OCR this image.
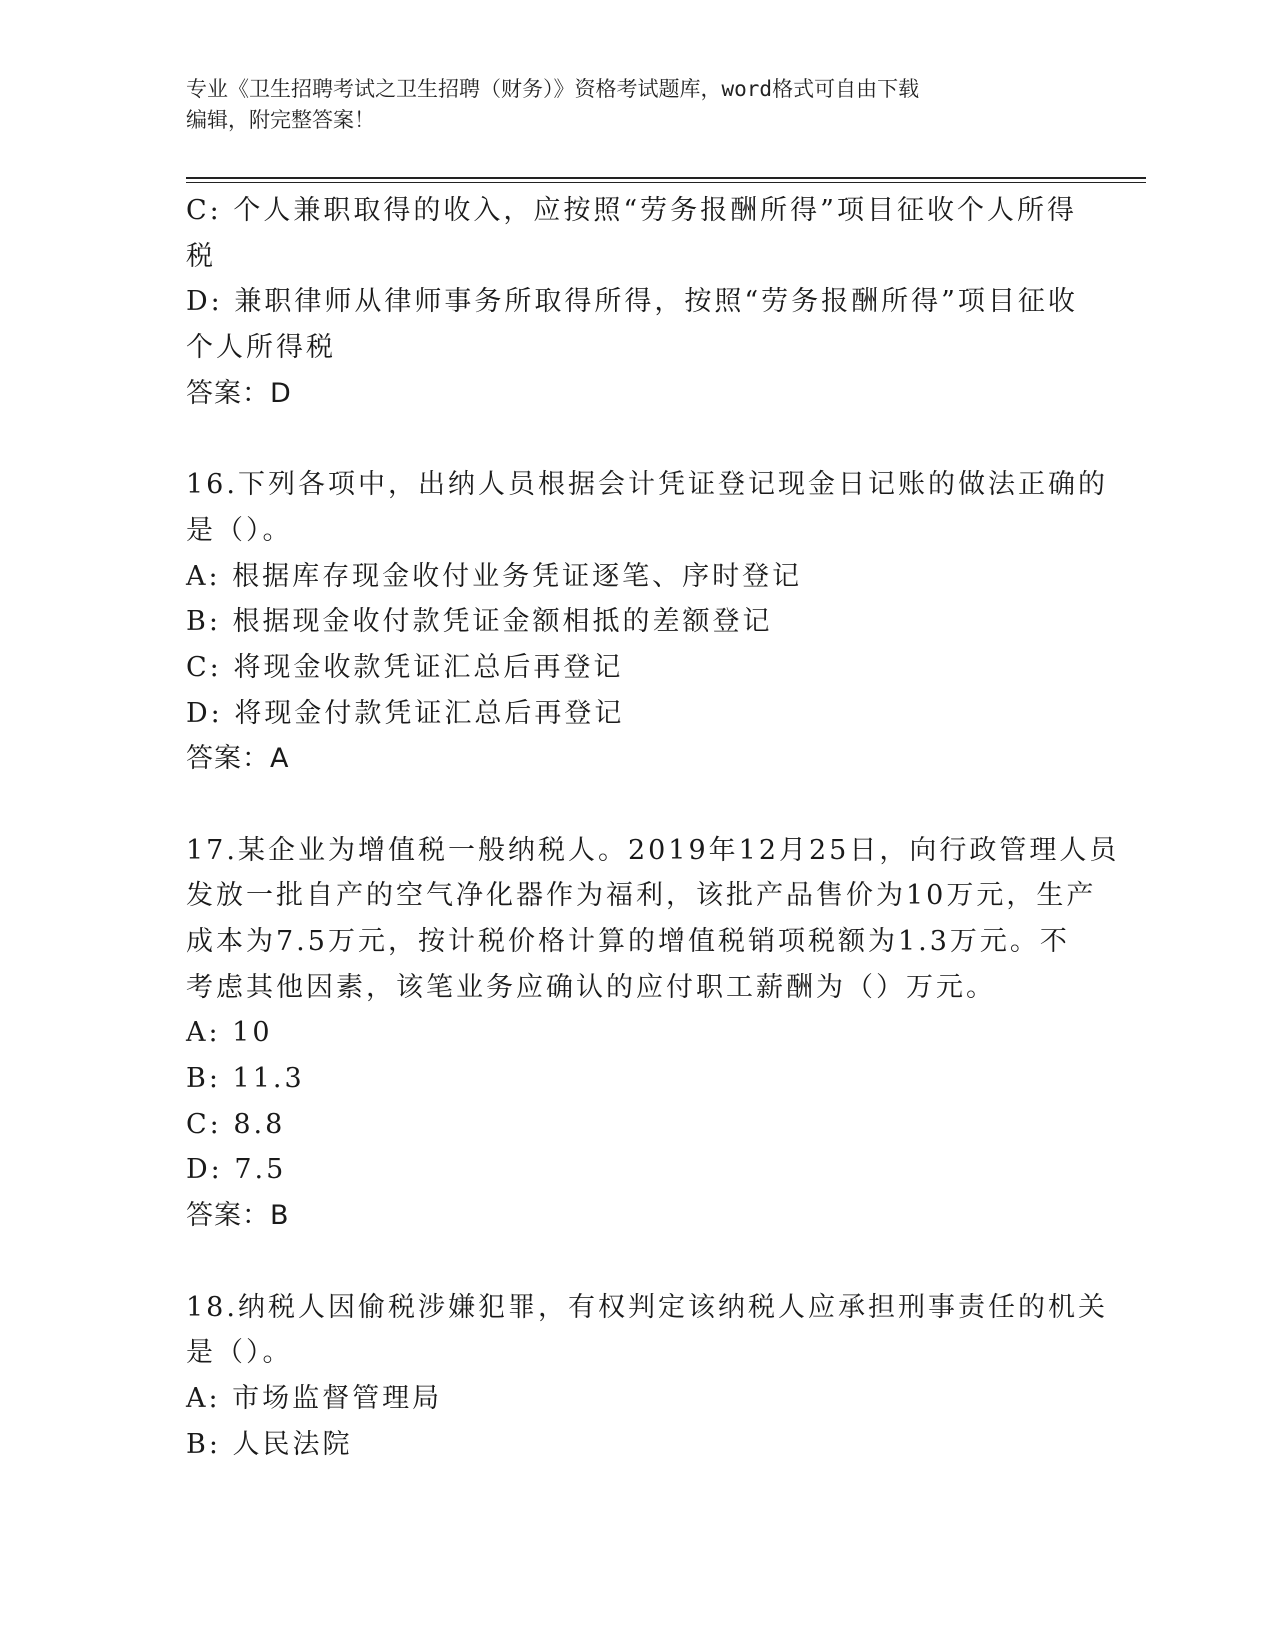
专业《卫生招聘考试之卫生招聘（财务）》资格考试题库，word格式可自由下载
编辑，附完整答案！
C: 个人兼职取得的收入，应按照“劳务报酬所得”项目征收个人所得
税
D: 兼职律师从律师事务所取得所得，按照“劳务报酬所得”项目征收
个人所得税
答案：D
16.下列各项中，出纳人员根据会计凭证登记现金日记账的做法正确的
是（）。
A: 根据库存现金收付业务凭证逐笔、序时登记
B: 根据现金收付款凭证金额相抵的差额登记
C: 将现金收款凭证汇总后再登记
D: 将现金付款凭证汇总后再登记
答案：A
17.某企业为增值税一般纳税人。2019年12月25日，向行政管理人员
发放一批自产的空气净化器作为福利，该批产品售价为10万元，生产
成本为7.5万元，按计税价格计算的增值税销项税额为1.3万元。不
考虑其他因素，该笔业务应确认的应付职工薪酬为（）万元。
A: 10
B: 11.3
C: 8.8
D: 7.5
答案：B
18.纳税人因偷税涉嫌犯罪，有权判定该纳税人应承担刑事责任的机关
是（）。
A: 市场监督管理局
B: 人民法院
